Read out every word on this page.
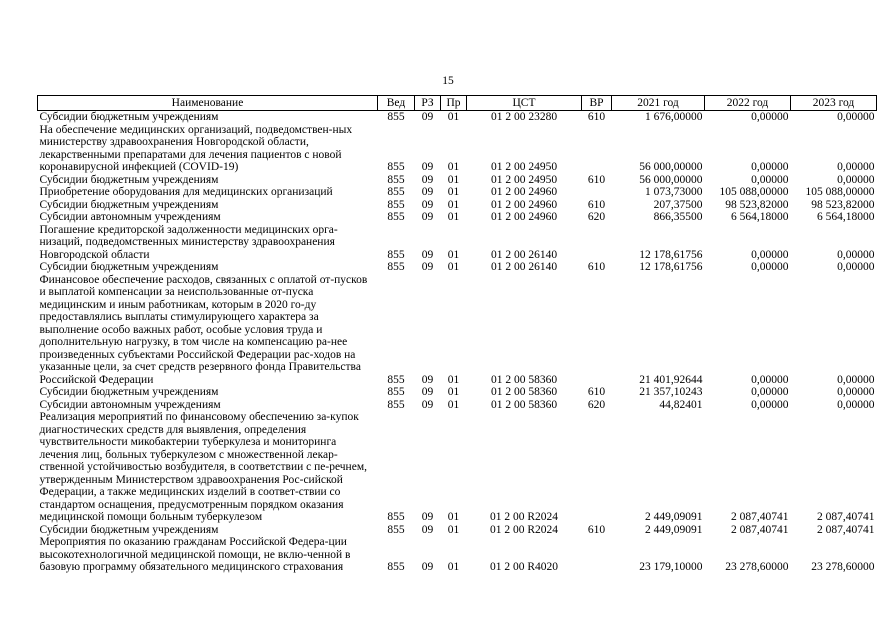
15
Наименование	Вед	РЗ	Пр	ЦСТ	ВР	2021 год	2022 год	2023 год
Субсидии бюджетным учреждениям	855	09	01	01 2 00 23280	610	1 676,00000	0,00000	0,00000
На обеспечение медицинских организаций, подведомствен-ных министерству здравоохранения Новгородской области, лекарственными препаратами для лечения пациентов с новой коронавирусной инфекцией (COVID-19)	855	09	01	01 2 00 24950		56 000,00000	0,00000	0,00000
Субсидии бюджетным учреждениям	855	09	01	01 2 00 24950	610	56 000,00000	0,00000	0,00000
Приобретение оборудования для медицинских организаций	855	09	01	01 2 00 24960		1 073,73000	105 088,00000	105 088,00000
Субсидии бюджетным учреждениям	855	09	01	01 2 00 24960	610	207,37500	98 523,82000	98 523,82000
Субсидии автономным учреждениям	855	09	01	01 2 00 24960	620	866,35500	6 564,18000	6 564,18000
Погашение кредиторской задолженности медицинских орга-низаций, подведомственных министерству здравоохранения Новгородской области	855	09	01	01 2 00 26140		12 178,61756	0,00000	0,00000
Субсидии бюджетным учреждениям	855	09	01	01 2 00 26140	610	12 178,61756	0,00000	0,00000
Финансовое обеспечение расходов, связанных с оплатой от-пусков и выплатой компенсации за неиспользованные от-пуска медицинским и иным работникам, которым в 2020 го-ду предоставлялись выплаты стимулирующего характера за выполнение особо важных работ, особые условия труда и дополнительную нагрузку, в том числе на компенсацию ра-нее произведенных субъектами Российской Федерации рас-ходов на указанные цели, за счет средств резервного фонда Правительства Российской Федерации	855	09	01	01 2 00 58360		21 401,92644	0,00000	0,00000
Субсидии бюджетным учреждениям	855	09	01	01 2 00 58360	610	21 357,10243	0,00000	0,00000
Субсидии автономным учреждениям	855	09	01	01 2 00 58360	620	44,82401	0,00000	0,00000
Реализация мероприятий по финансовому обеспечению за-купок диагностических средств для выявления, определения чувствительности микобактерии туберкулеза и мониторинга лечения лиц, больных туберкулезом с множественной лекар-ственной устойчивостью возбудителя, в соответствии с пе-речнем, утвержденным Министерством здравоохранения Рос-сийской Федерации, а также медицинских изделий в соответ-ствии со стандартом оснащения, предусмотренным порядком оказания медицинской помощи больным туберкулезом	855	09	01	01 2 00 R2024		2 449,09091	2 087,40741	2 087,40741
Субсидии бюджетным учреждениям	855	09	01	01 2 00 R2024	610	2 449,09091	2 087,40741	2 087,40741
Мероприятия по оказанию гражданам Российской Федера-ции высокотехнологичной медицинской помощи, не вклю-ченной в базовую программу обязательного медицинского страхования	855	09	01	01 2 00 R4020		23 179,10000	23 278,60000	23 278,60000
